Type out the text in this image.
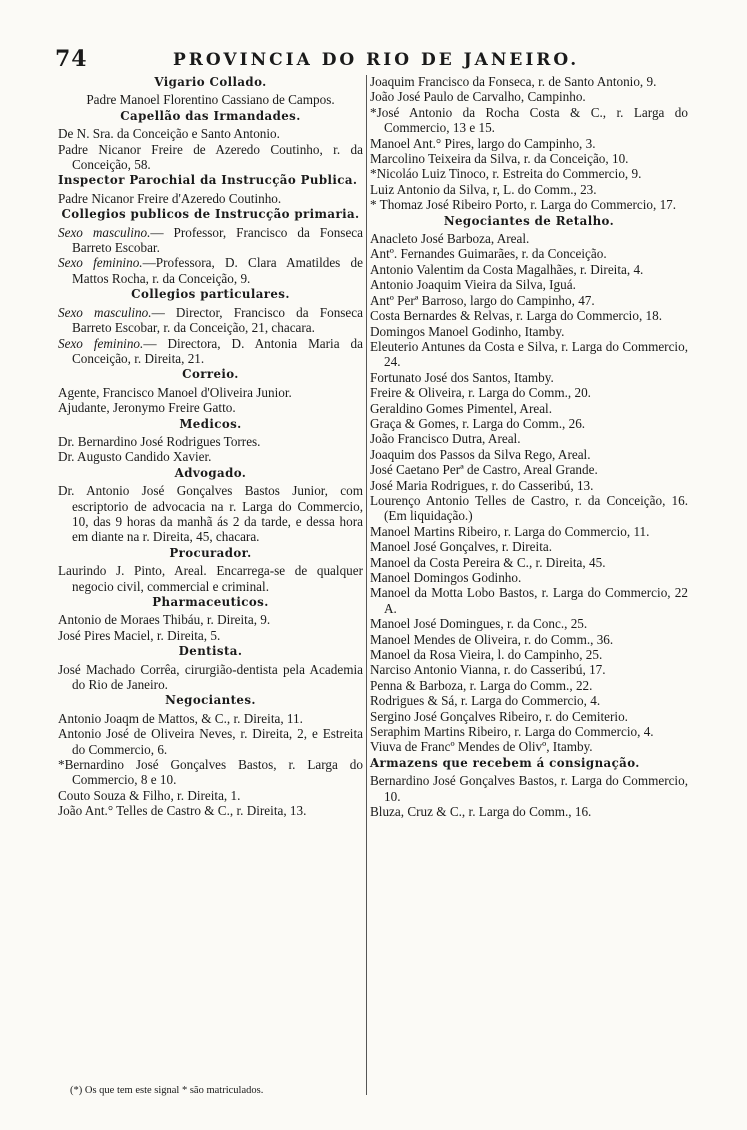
74	PROVINCIA DO RIO DE JANEIRO.
Vigario Collado.
Padre Manoel Florentino Cassiano de Campos.
Capellão das Irmandades.
De N. Sra. da Conceição e Santo Antonio.
Padre Nicanor Freire de Azeredo Coutinho, r. da Conceição, 58.
Inspector Parochial da Instrucção Publica.
Padre Nicanor Freire d'Azeredo Coutinho.
Collegios publicos de Instrucção primaria.
Sexo masculino.— Professor, Francisco da Fonseca Barreto Escobar.
Sexo feminino.—Professora, D. Clara Amatildes de Mattos Rocha, r. da Conceição, 9.
Collegios particulares.
Sexo masculino.— Director, Francisco da Fonseca Barreto Escobar, r. da Conceição, 21, chacara.
Sexo feminino.— Directora, D. Antonia Maria da Conceição, r. Direita, 21.
Correio.
Agente, Francisco Manoel d'Oliveira Junior.
Ajudante, Jeronymo Freire Gatto.
Medicos.
Dr. Bernardino José Rodrigues Torres.
Dr. Augusto Candido Xavier.
Advogado.
Dr. Antonio José Gonçalves Bastos Junior, com escriptorio de advocacia na r. Larga do Commercio, 10, das 9 horas da manhã ás 2 da tarde, e dessa hora em diante na r. Direita, 45, chacara.
Procurador.
Laurindo J. Pinto, Areal. Encarrega-se de qualquer negocio civil, commercial e criminal.
Pharmaceuticos.
Antonio de Moraes Thibáu, r. Direita, 9.
José Pires Maciel, r. Direita, 5.
Dentista.
José Machado Corrêa, cirurgião-dentista pela Academia do Rio de Janeiro.
Negociantes.
Antonio Joaqm de Mattos, & C., r. Direita, 11.
Antonio José de Oliveira Neves, r. Direita, 2, e Estreita do Commercio, 6.
*Bernardino José Gonçalves Bastos, r. Larga do Commercio, 8 e 10.
Couto Souza & Filho, r. Direita, 1.
João Ant.° Telles de Castro & C., r. Direita, 13.
Joaquim Francisco da Fonseca, r. de Santo Antonio, 9.
João José Paulo de Carvalho, Campinho.
*José Antonio da Rocha Costa & C., r. Larga do Commercio, 13 e 15.
Manoel Ant.° Pires, largo do Campinho, 3.
Marcolino Teixeira da Silva, r. da Conceição, 10.
*Nicoláo Luiz Tinoco, r. Estreita do Commercio, 9.
Luiz Antonio da Silva, r, L. do Comm., 23.
* Thomaz José Ribeiro Porto, r. Larga do Commercio, 17.
Negociantes de Retalho.
Anacleto José Barboza, Areal.
Antº. Fernandes Guimarães, r. da Conceição.
Antonio Valentim da Costa Magalhães, r. Direita, 4.
Antonio Joaquim Vieira da Silva, Iguá.
Antº Perª Barroso, largo do Campinho, 47.
Costa Bernardes & Relvas, r. Larga do Commercio, 18.
Domingos Manoel Godinho, Itamby.
Eleuterio Antunes da Costa e Silva, r. Larga do Commercio, 24.
Fortunato José dos Santos, Itamby.
Freire & Oliveira, r. Larga do Comm., 20.
Geraldino Gomes Pimentel, Areal.
Graça & Gomes, r. Larga do Comm., 26.
João Francisco Dutra, Areal.
Joaquim dos Passos da Silva Rego, Areal.
José Caetano Perª de Castro, Areal Grande.
José Maria Rodrigues, r. do Casseribú, 13.
Lourenço Antonio Telles de Castro, r. da Conceição, 16. (Em liquidação.)
Manoel Martins Ribeiro, r. Larga do Commercio, 11.
Manoel José Gonçalves, r. Direita.
Manoel da Costa Pereira & C., r. Direita, 45.
Manoel Domingos Godinho.
Manoel da Motta Lobo Bastos, r. Larga do Commercio, 22 A.
Manoel José Domingues, r. da Conc., 25.
Manoel Mendes de Oliveira, r. do Comm., 36.
Manoel da Rosa Vieira, l. do Campinho, 25.
Narciso Antonio Vianna, r. do Casseribú, 17.
Penna & Barboza, r. Larga do Comm., 22.
Rodrigues & Sá, r. Larga do Commercio, 4.
Sergino José Gonçalves Ribeiro, r. do Cemiterio.
Seraphim Martins Ribeiro, r. Larga do Commercio, 4.
Viuva de Francº Mendes de Olivº, Itamby.
Armazens que recebem á consignação.
Bernardino José Gonçalves Bastos, r. Larga do Commercio, 10.
Bluza, Cruz & C., r. Larga do Comm., 16.
(*) Os que tem este signal * são matriculados.
